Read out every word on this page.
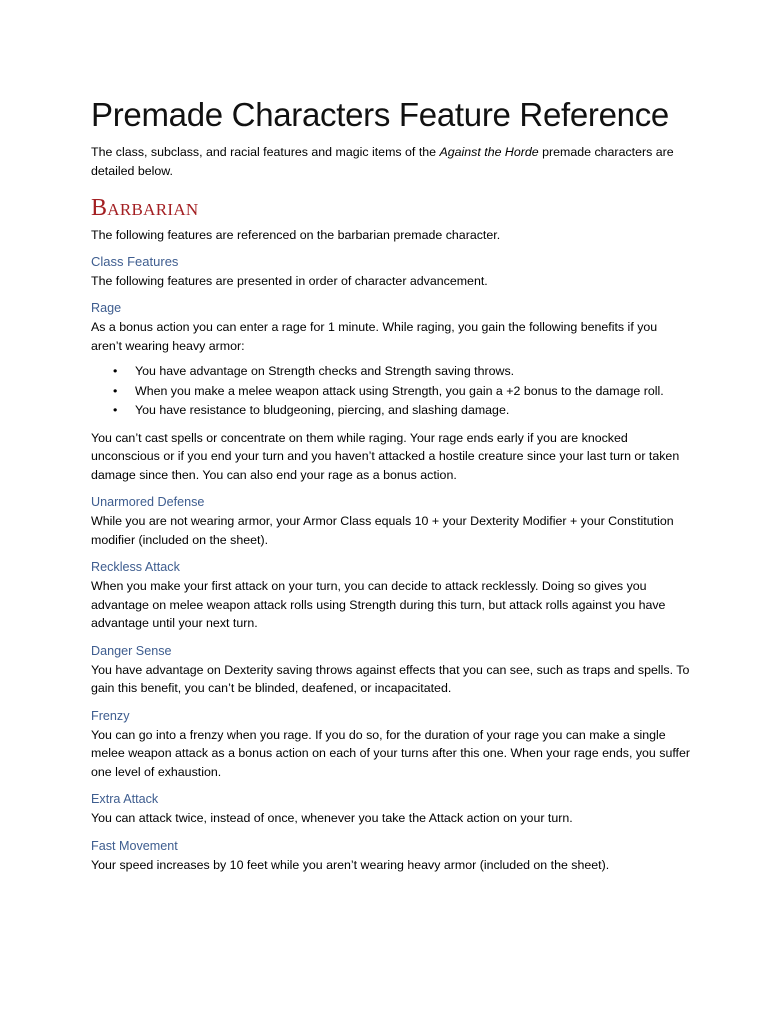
Premade Characters Feature Reference

The class, subclass, and racial features and magic items of the Against the Horde premade characters are detailed below.

Barbarian

The following features are referenced on the barbarian premade character.

Class Features

The following features are presented in order of character advancement.

Rage

As a bonus action you can enter a rage for 1 minute. While raging, you gain the following benefits if you aren’t wearing heavy armor:

• You have advantage on Strength checks and Strength saving throws.
• When you make a melee weapon attack using Strength, you gain a +2 bonus to the damage roll.
• You have resistance to bludgeoning, piercing, and slashing damage.

You can’t cast spells or concentrate on them while raging. Your rage ends early if you are knocked unconscious or if you end your turn and you haven’t attacked a hostile creature since your last turn or taken damage since then. You can also end your rage as a bonus action.

Unarmored Defense

While you are not wearing armor, your Armor Class equals 10 + your Dexterity Modifier + your Constitution modifier (included on the sheet).

Reckless Attack

When you make your first attack on your turn, you can decide to attack recklessly. Doing so gives you advantage on melee weapon attack rolls using Strength during this turn, but attack rolls against you have advantage until your next turn.

Danger Sense

You have advantage on Dexterity saving throws against effects that you can see, such as traps and spells. To gain this benefit, you can’t be blinded, deafened, or incapacitated.

Frenzy

You can go into a frenzy when you rage. If you do so, for the duration of your rage you can make a single melee weapon attack as a bonus action on each of your turns after this one. When your rage ends, you suffer one level of exhaustion.

Extra Attack

You can attack twice, instead of once, whenever you take the Attack action on your turn.

Fast Movement

Your speed increases by 10 feet while you aren’t wearing heavy armor (included on the sheet).
